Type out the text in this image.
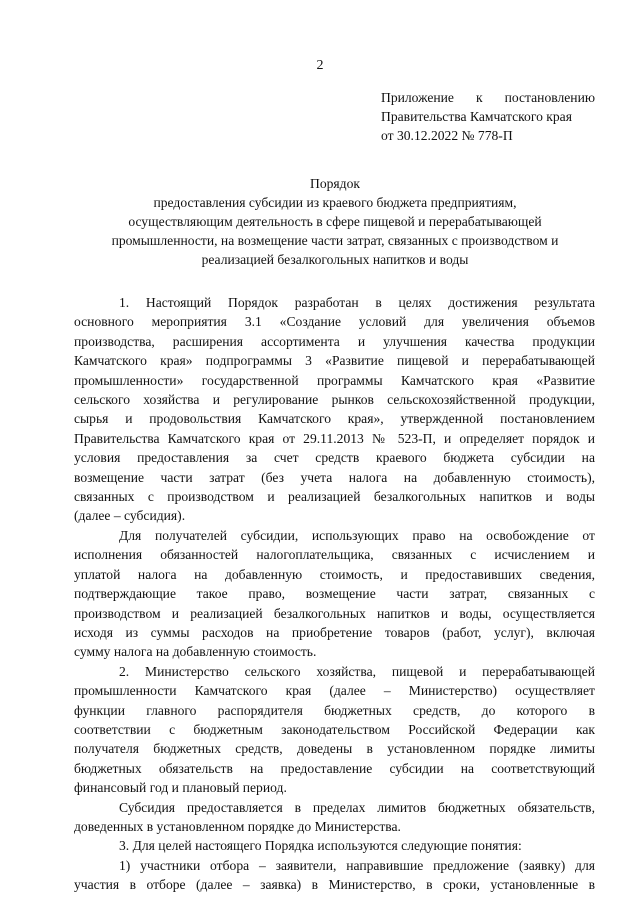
2
Приложение к постановлению
Правительства Камчатского края
от 30.12.2022 № 778-П
Порядок
предоставления субсидии из краевого бюджета предприятиям,
осуществляющим деятельность в сфере пищевой и перерабатывающей
промышленности, на возмещение части затрат, связанных с производством и
реализацией безалкогольных напитков и воды
1. Настоящий Порядок разработан в целях достижения результата
основного мероприятия 3.1 «Создание условий для увеличения объемов
производства, расширения ассортимента и улучшения качества продукции
Камчатского края» подпрограммы 3 «Развитие пищевой и перерабатывающей
промышленности» государственной программы Камчатского края «Развитие
сельского хозяйства и регулирование рынков сельскохозяйственной продукции,
сырья и продовольствия Камчатского края», утвержденной постановлением
Правительства Камчатского края от 29.11.2013 № 523-П, и определяет порядок и
условия предоставления за счет средств краевого бюджета субсидии на
возмещение части затрат (без учета налога на добавленную стоимость),
связанных с производством и реализацией безалкогольных напитков и воды
(далее – субсидия).
Для получателей субсидии, использующих право на освобождение от
исполнения обязанностей налогоплательщика, связанных с исчислением и
уплатой налога на добавленную стоимость, и предоставивших сведения,
подтверждающие такое право, возмещение части затрат, связанных с
производством и реализацией безалкогольных напитков и воды, осуществляется
исходя из суммы расходов на приобретение товаров (работ, услуг), включая
сумму налога на добавленную стоимость.
2. Министерство сельского хозяйства, пищевой и перерабатывающей
промышленности Камчатского края (далее – Министерство) осуществляет
функции главного распорядителя бюджетных средств, до которого в
соответствии с бюджетным законодательством Российской Федерации как
получателя бюджетных средств, доведены в установленном порядке лимиты
бюджетных обязательств на предоставление субсидии на соответствующий
финансовый год и плановый период.
Субсидия предоставляется в пределах лимитов бюджетных обязательств,
доведенных в установленном порядке до Министерства.
3. Для целей настоящего Порядка используются следующие понятия:
1) участники отбора – заявители, направившие предложение (заявку) для
участия в отборе (далее – заявка) в Министерство, в сроки, установленные в
